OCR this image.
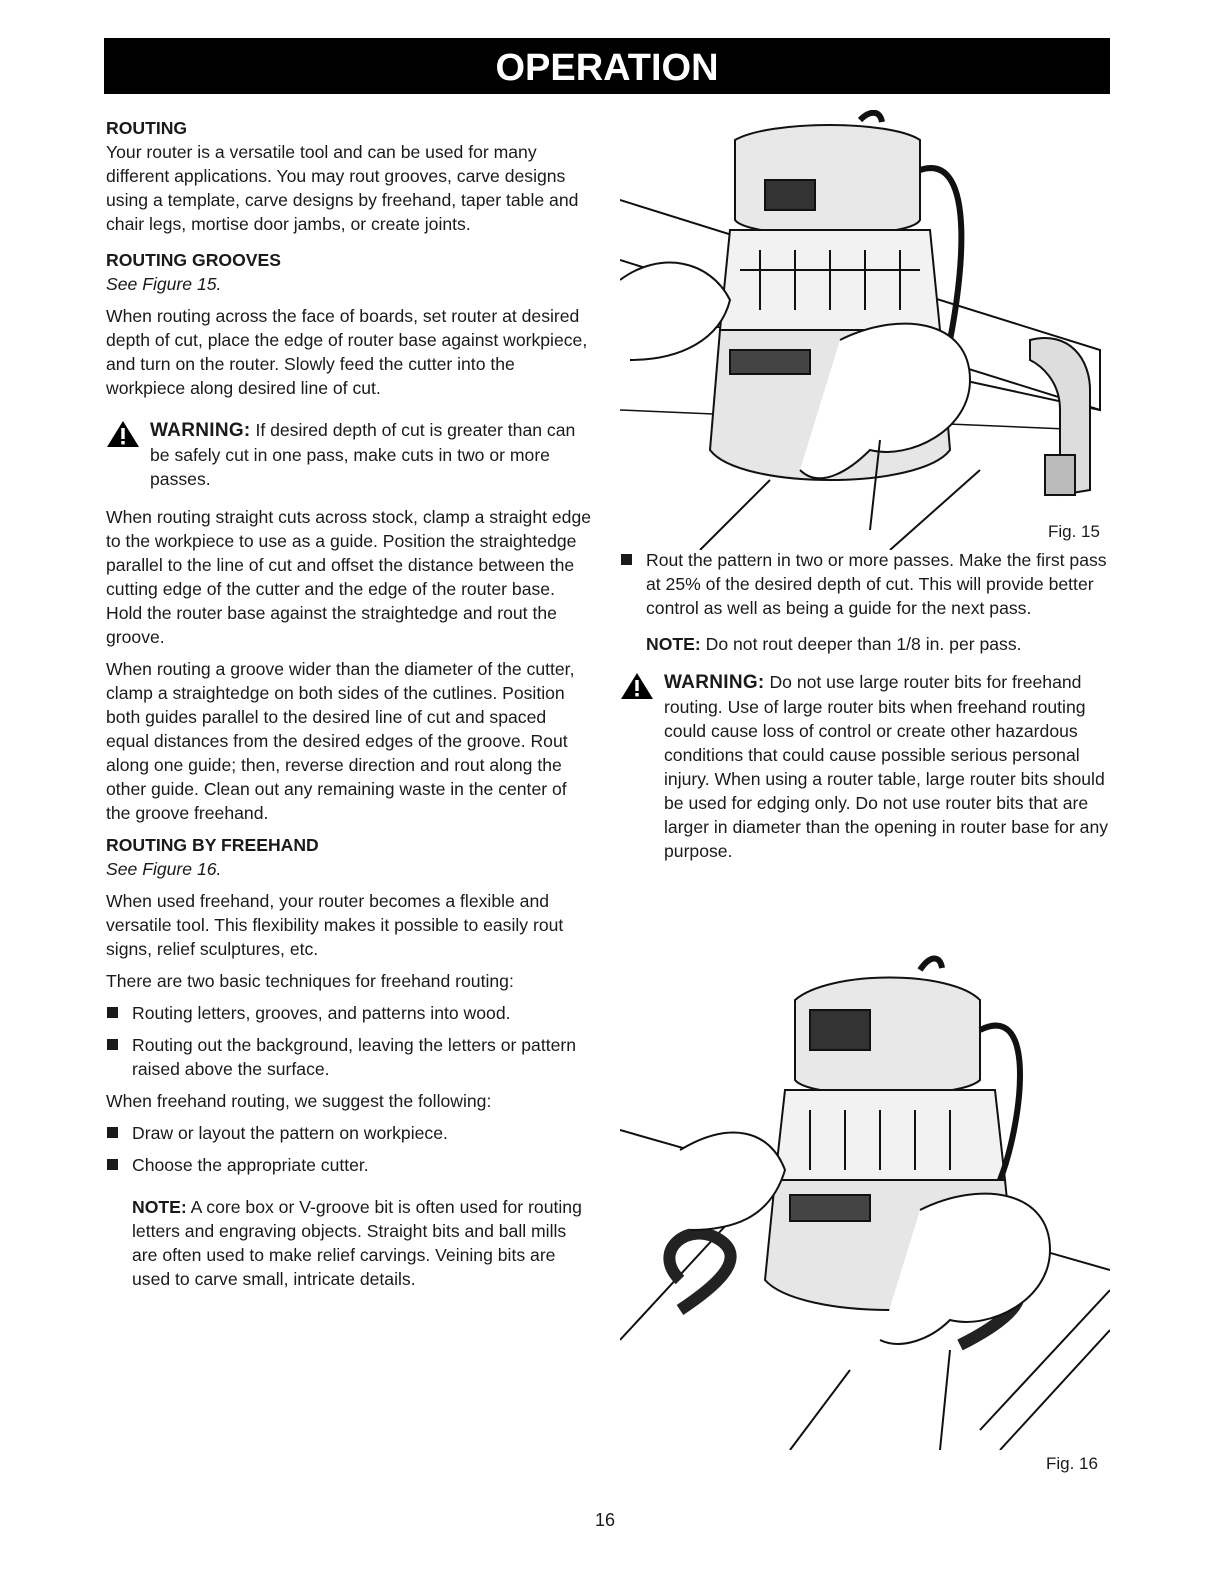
OPERATION

ROUTING

Your router is a versatile tool and can be used for many different applications. You may rout grooves, carve designs using a template, carve designs by freehand, taper table and chair legs, mortise door jambs, or create joints.

ROUTING GROOVES

See Figure 15.

When routing across the face of boards, set router at desired depth of cut, place the edge of router base against workpiece, and turn on the router. Slowly feed the cutter into the workpiece along desired line of cut.

WARNING: If desired depth of cut is greater than can be safely cut in one pass, make cuts in two or more passes.

When routing straight cuts across stock, clamp a straight edge to the workpiece to use as a guide. Position the straightedge parallel to the line of cut and offset the distance between the cutting edge of the cutter and the edge of the router base. Hold the router base against the straightedge and rout the groove.

When routing a groove wider than the diameter of the cutter, clamp a straightedge on both sides of the cutlines. Position both guides parallel to the desired line of cut and spaced equal distances from the desired edges of the groove. Rout along one guide; then, reverse direction and rout along the other guide. Clean out any remaining waste in the center of the groove freehand.

ROUTING BY FREEHAND

See Figure 16.

When used freehand, your router becomes a flexible and versatile tool. This flexibility makes it possible to easily rout signs, relief sculptures, etc.

There are two basic techniques for freehand routing:

Routing letters, grooves, and patterns into wood.

Routing out the background, leaving the letters or pattern raised above the surface.

When freehand routing, we suggest the following:

Draw or layout the pattern on workpiece.

Choose the appropriate cutter.

NOTE: A core box or V-groove bit is often used for routing letters and engraving objects. Straight bits and ball mills are often used to make relief carvings. Veining bits are used to carve small, intricate details.

Fig. 15

Rout the pattern in two or more passes. Make the first pass at 25% of the desired depth of cut. This will provide better control as well as being a guide for the next pass.

NOTE: Do not rout deeper than 1/8 in. per pass.

WARNING: Do not use large router bits for freehand routing. Use of large router bits when freehand routing could cause loss of control or create other hazardous conditions that could cause possible serious personal injury. When using a router table, large router bits should be used for edging only. Do not use router bits that are larger in diameter than the opening in router base for any purpose.

Fig. 16
16
